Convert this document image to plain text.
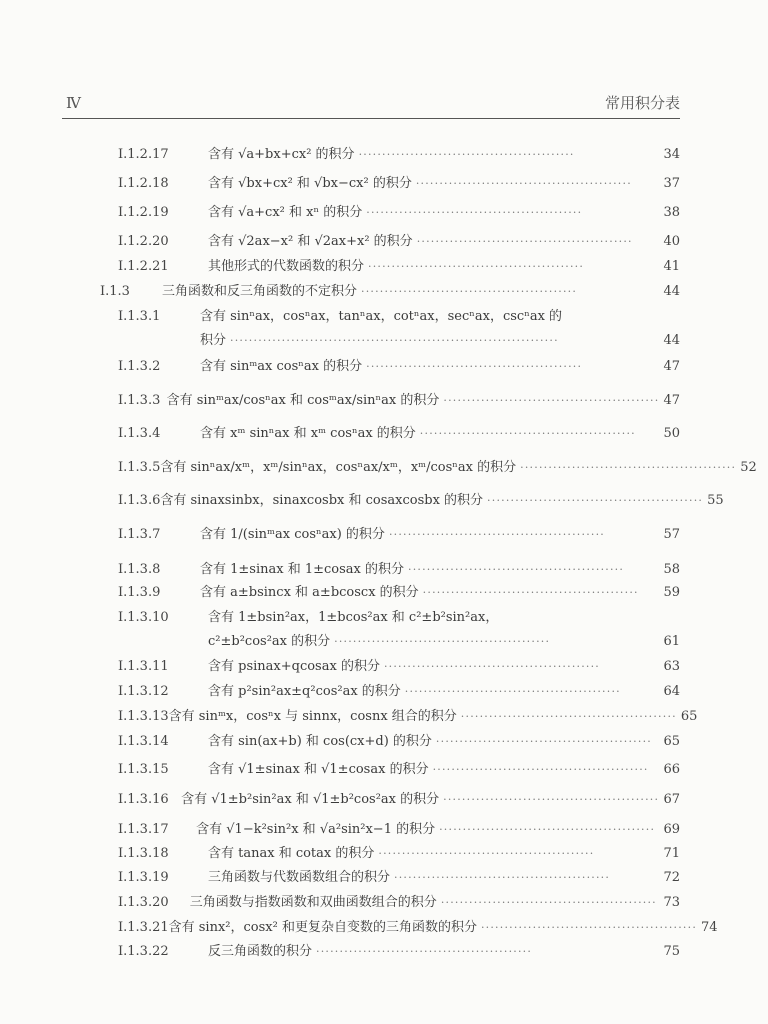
Ⅳ	常用积分表
Ⅰ.1.2.17	含有 √a+bx+cx² 的积分 ··············································	34
Ⅰ.1.2.18	含有 √bx+cx² 和 √bx−cx² 的积分 ··············································	37
Ⅰ.1.2.19	含有 √a+cx² 和 xⁿ 的积分 ··············································	38
Ⅰ.1.2.20	含有 √2ax−x² 和 √2ax+x² 的积分 ··············································	40
Ⅰ.1.2.21	其他形式的代数函数的积分 ··············································	41
Ⅰ.1.3	三角函数和反三角函数的不定积分 ··············································	44
Ⅰ.1.3.1	含有 sinⁿax，cosⁿax，tanⁿax，cotⁿax，secⁿax，cscⁿax 的
积分 ······································································	44
Ⅰ.1.3.2	含有 sinᵐax cosⁿax 的积分 ··············································	47
Ⅰ.1.3.3 含有 sinᵐax/cosⁿax 和 cosᵐax/sinⁿax 的积分 ·············································· 47
Ⅰ.1.3.4	含有 xᵐ sinⁿax 和 xᵐ cosⁿax 的积分 ··············································	50
Ⅰ.1.3.5 含有 sinⁿax/xᵐ，xᵐ/sinⁿax，cosⁿax/xᵐ，xᵐ/cosⁿax 的积分 ·············································· 52
Ⅰ.1.3.6 含有 sinaxsinbx，sinaxcosbx 和 cosaxcosbx 的积分 ·············································· 55
Ⅰ.1.3.7	含有 1/(sinᵐax cosⁿax) 的积分 ··············································	57
Ⅰ.1.3.8	含有 1±sinax 和 1±cosax 的积分 ··············································	58
Ⅰ.1.3.9	含有 a±bsincx 和 a±bcoscx 的积分 ··············································	59
Ⅰ.1.3.10	含有 1±bsin²ax，1±bcos²ax 和 c²±b²sin²ax，
c²±b²cos²ax 的积分 ··············································	61
Ⅰ.1.3.11	含有 psinax+qcosax 的积分 ··············································	63
Ⅰ.1.3.12	含有 p²sin²ax±q²cos²ax 的积分 ··············································	64
Ⅰ.1.3.13 含有 sinᵐx，cosⁿx 与 sinnx，cosnx 组合的积分 ·············································· 65
Ⅰ.1.3.14	含有 sin(ax+b) 和 cos(cx+d) 的积分 ·············································· 65
Ⅰ.1.3.15	含有 √1±sinax 和 √1±cosax 的积分 ··············································	66
Ⅰ.1.3.16 含有 √1±b²sin²ax 和 √1±b²cos²ax 的积分 ·············································· 67
Ⅰ.1.3.17	含有 √1−k²sin²x 和 √a²sin²x−1 的积分 ·············································· 69
Ⅰ.1.3.18	含有 tanax 和 cotax 的积分 ··············································	71
Ⅰ.1.3.19	三角函数与代数函数组合的积分 ··············································	72
Ⅰ.1.3.20	三角函数与指数函数和双曲函数组合的积分 ·············································· 73
Ⅰ.1.3.21 含有 sinx²，cosx² 和更复杂自变数的三角函数的积分 ·············································· 74
Ⅰ.1.3.22	反三角函数的积分 ··············································	75
